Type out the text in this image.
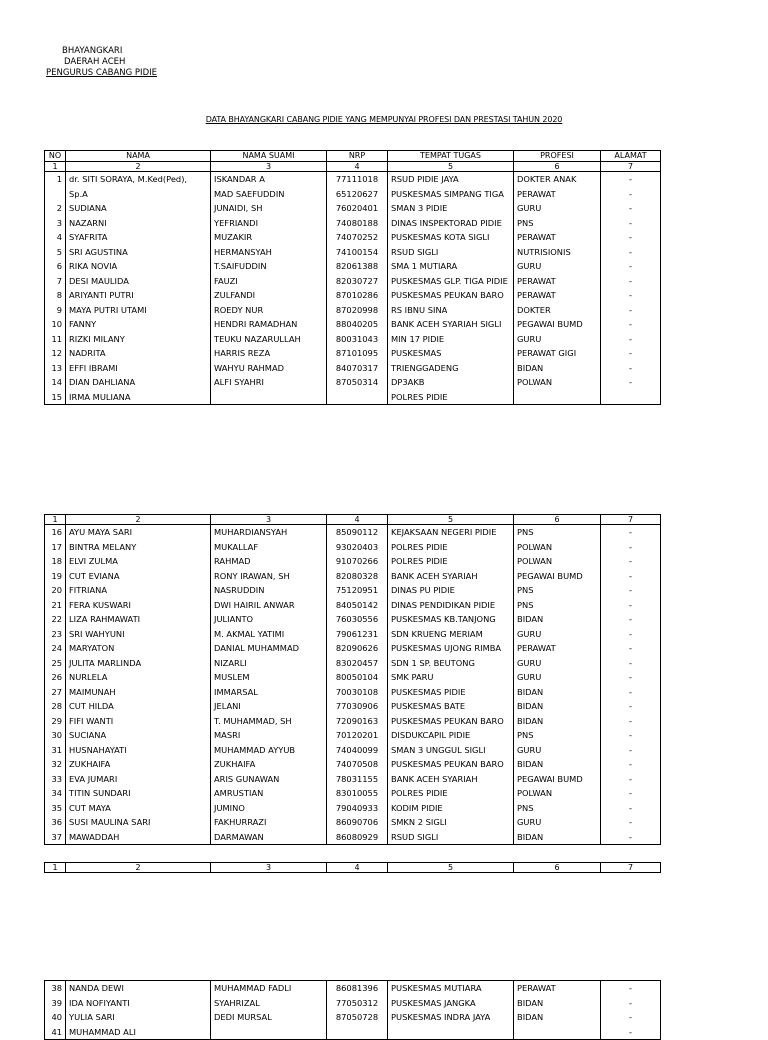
BHAYANGKARI
DAERAH ACEH
PENGURUS CABANG PIDIE
DATA BHAYANGKARI CABANG PIDIE YANG MEMPUNYAI PROFESI DAN PRESTASI TAHUN 2020
NO	NAMA	NAMA SUAMI	NRP	TEMPAT TUGAS	PROFESI	ALAMAT
1	2	3	4	5	6	7
1	dr. SITI SORAYA, M.Ked(Ped),	ISKANDAR A	77111018	RSUD PIDIE JAYA	DOKTER ANAK	-
	Sp.A	MAD SAEFUDDIN	65120627	PUSKESMAS SIMPANG TIGA	PERAWAT	-
2	SUDIANA	JUNAIDI, SH	76020401	SMAN 3 PIDIE	GURU	-
3	NAZARNI	YEFRIANDI	74080188	DINAS INSPEKTORAD PIDIE	PNS	-
4	SYAFRITA	MUZAKIR	74070252	PUSKESMAS KOTA SIGLI	PERAWAT	-
5	SRI AGUSTINA	HERMANSYAH	74100154	RSUD SIGLI	NUTRISIONIS	-
6	RIKA NOVIA	T.SAIFUDDIN	82061388	SMA 1 MUTIARA	GURU	-
7	DESI MAULIDA	FAUZI	82030727	PUSKESMAS GLP. TIGA PIDIE	PERAWAT	-
8	ARIYANTI PUTRI	ZULFANDI	87010286	PUSKESMAS PEUKAN BARO	PERAWAT	-
9	MAYA PUTRI UTAMI	ROEDY NUR	87020998	RS IBNU SINA	DOKTER	-
10	FANNY	HENDRI RAMADHAN	88040205	BANK ACEH SYARIAH SIGLI	PEGAWAI BUMD	-
11	RIZKI MILANY	TEUKU NAZARULLAH	80031043	MIN 17 PIDIE	GURU	-
12	NADRITA	HARRIS REZA	87101095	PUSKESMAS	PERAWAT GIGI	-
13	EFFI IBRAMI	WAHYU RAHMAD	84070317	TRIENGGADENG	BIDAN	-
14	DIAN DAHLIANA	ALFI SYAHRI	87050314	DP3AKB	POLWAN	-
15	IRMA MULIANA			POLRES PIDIE		
1	2	3	4	5	6	7
16	AYU MAYA SARI	MUHARDIANSYAH	85090112	KEJAKSAAN NEGERI PIDIE	PNS	-
17	BINTRA MELANY	MUKALLAF	93020403	POLRES PIDIE	POLWAN	-
18	ELVI ZULMA	RAHMAD	91070266	POLRES PIDIE	POLWAN	-
19	CUT EVIANA	RONY IRAWAN, SH	82080328	BANK ACEH SYARIAH	PEGAWAI BUMD	-
20	FITRIANA	NASRUDDIN	75120951	DINAS PU PIDIE	PNS	-
21	FERA KUSWARI	DWI HAIRIL ANWAR	84050142	DINAS PENDIDIKAN PIDIE	PNS	-
22	LIZA RAHMAWATI	JULIANTO	76030556	PUSKESMAS KB.TANJONG	BIDAN	-
23	SRI WAHYUNI	M. AKMAL YATIMI	79061231	SDN KRUENG MERIAM	GURU	-
24	MARYATON	DANIAL MUHAMMAD	82090626	PUSKESMAS UJONG RIMBA	PERAWAT	-
25	JULITA MARLINDA	NIZARLI	83020457	SDN 1 SP. BEUTONG	GURU	-
26	NURLELA	MUSLEM	80050104	SMK PARU	GURU	-
27	MAIMUNAH	IMMARSAL	70030108	PUSKESMAS PIDIE	BIDAN	-
28	CUT HILDA	JELANI	77030906	PUSKESMAS BATE	BIDAN	-
29	FIFI WANTI	T. MUHAMMAD, SH	72090163	PUSKESMAS PEUKAN BARO	BIDAN	-
30	SUCIANA	MASRI	70120201	DISDUKCAPIL PIDIE	PNS	-
31	HUSNAHAYATI	MUHAMMAD AYYUB	74040099	SMAN 3 UNGGUL SIGLI	GURU	-
32	ZUKHAIFA	ZUKHAIFA	74070508	PUSKESMAS PEUKAN BARO	BIDAN	-
33	EVA JUMARI	ARIS GUNAWAN	78031155	BANK ACEH SYARIAH	PEGAWAI BUMD	-
34	TITIN SUNDARI	AMRUSTIAN	83010055	POLRES PIDIE	POLWAN	-
35	CUT MAYA	JUMINO	79040933	KODIM PIDIE	PNS	-
36	SUSI MAULINA SARI	FAKHURRAZI	86090706	SMKN 2 SIGLI	GURU	-
37	MAWADDAH	DARMAWAN	86080929	RSUD SIGLI	BIDAN	-
1	2	3	4	5	6	7
38	NANDA DEWI	MUHAMMAD FADLI	86081396	PUSKESMAS MUTIARA	PERAWAT	-
39	IDA NOFIYANTI	SYAHRIZAL	77050312	PUSKESMAS JANGKA	BIDAN	-
40	YULIA SARI	DEDI MURSAL	87050728	PUSKESMAS INDRA JAYA	BIDAN	-
41	MUHAMMAD ALI					-
